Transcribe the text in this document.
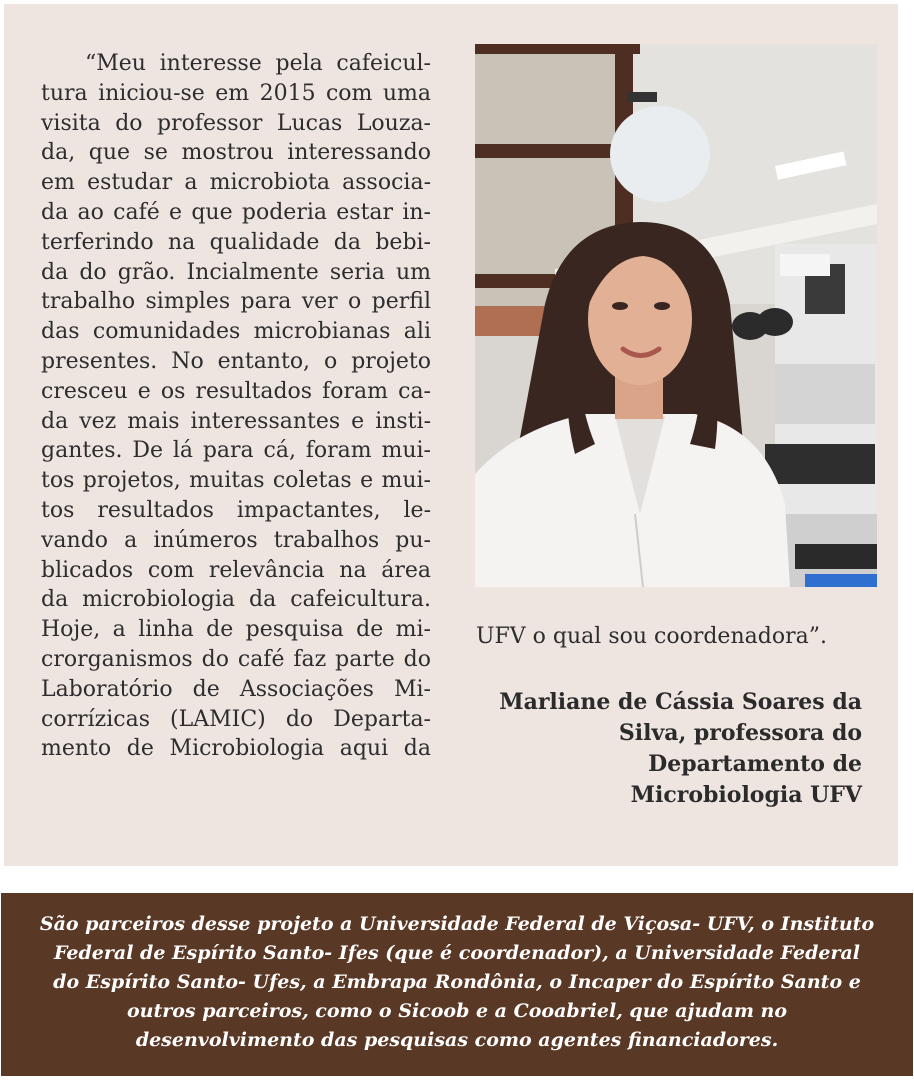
“Meu interesse pela cafeicul-
tura iniciou-se em 2015 com uma
visita do professor Lucas Louza-
da, que se mostrou interessando
em estudar a microbiota associa-
da ao café e que poderia estar in-
terferindo na qualidade da bebi-
da do grão. Incialmente seria um
trabalho simples para ver o perfil
das comunidades microbianas ali
presentes. No entanto, o projeto
cresceu e os resultados foram ca-
da vez mais interessantes e insti-
gantes. De lá para cá, foram mui-
tos projetos, muitas coletas e mui-
tos resultados impactantes, le-
vando a inúmeros trabalhos pu-
blicados com relevância na área
da microbiologia da cafeicultura.
Hoje, a linha de pesquisa de mi-
crorganismos do café faz parte do
Laboratório de Associações Mi-
corrízicas (LAMIC) do Departa-
mento de Microbiologia aqui da
UFV o qual sou coordenadora”.
Marliane de Cássia Soares da
Silva, professora do
Departamento de
Microbiologia UFV
São parceiros desse projeto a Universidade Federal de Viçosa- UFV, o Instituto
Federal de Espírito Santo- Ifes (que é coordenador), a Universidade Federal
do Espírito Santo- Ufes, a Embrapa Rondônia, o Incaper do Espírito Santo e
outros parceiros, como o Sicoob e a Cooabriel, que ajudam no
desenvolvimento das pesquisas como agentes financiadores.
